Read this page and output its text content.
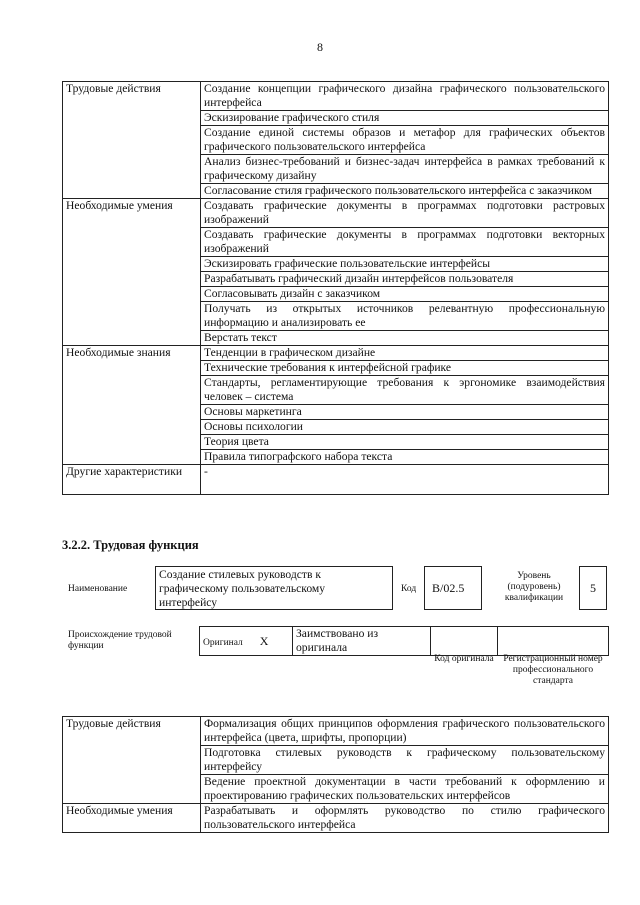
8
Трудовые действия	Создание концепции графического дизайна графического пользовательского интерфейса
	Эскизирование графического стиля
	Создание единой системы образов и метафор для графических объектов графического пользовательского интерфейса
	Анализ бизнес-требований и бизнес-задач интерфейса в рамках требований к графическому дизайну
	Согласование стиля графического пользовательского интерфейса с заказчиком
Необходимые умения	Создавать графические документы в программах подготовки растровых изображений
	Создавать графические документы в программах подготовки векторных изображений
	Эскизировать графические пользовательские интерфейсы
	Разрабатывать графический дизайн интерфейсов пользователя
	Согласовывать дизайн с заказчиком
	Получать из открытых источников релевантную профессиональную информацию и анализировать ее
	Верстать текст
Необходимые знания	Тенденции в графическом дизайне
	Технические требования к интерфейсной графике
	Стандарты, регламентирующие требования к эргономике взаимодействия человек – система
	Основы маркетинга
	Основы психологии
	Теория цвета
	Правила типографского набора текста
Другие характеристики	-
3.2.2. Трудовая функция
Наименование
Создание стилевых руководств к графическому пользовательскому интерфейсу
Код B/02.5
Уровень (подуровень) квалификации
5
Происхождение трудовой функции	Оригинал X	Заимствовано из оригинала		
Код оригинала	Регистрационный номер профессионального стандарта
Трудовые действия	Формализация общих принципов оформления графического пользовательского интерфейса (цвета, шрифты, пропорции)
	Подготовка стилевых руководств к графическому пользовательскому интерфейсу
	Ведение проектной документации в части требований к оформлению и проектированию графических пользовательских интерфейсов
Необходимые умения	Разрабатывать и оформлять руководство по стилю графического пользовательского интерфейса
